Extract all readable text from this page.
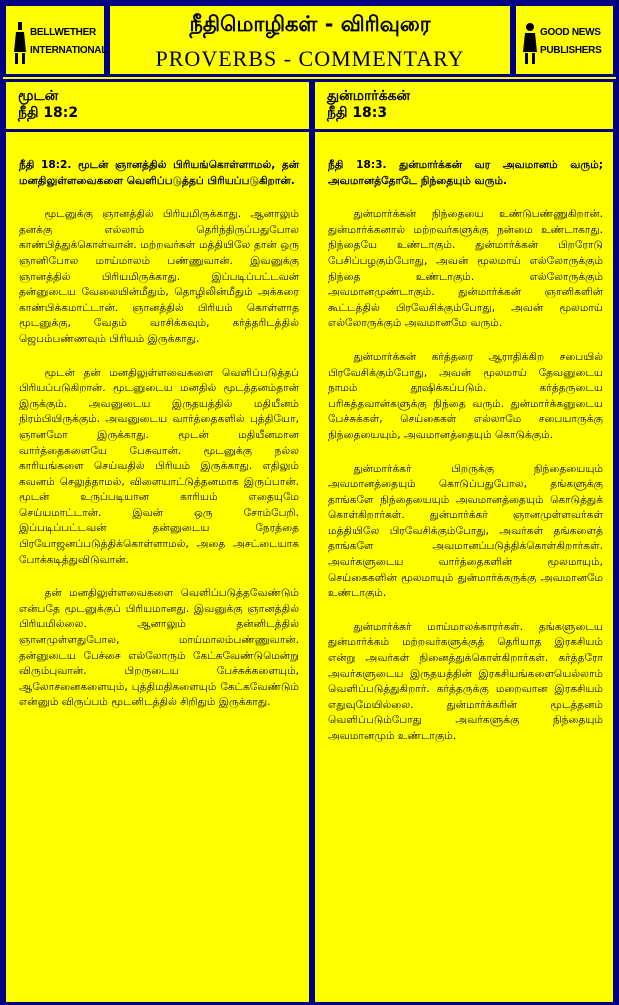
BELLWETHER
INTERNATIONAL
நீதிமொழிகள் - விரிவுரை
PROVERBS - COMMENTARY
GOOD NEWS
PUBLISHERS
மூடன்
நீதி 18:2

நீதி 18:2. மூடன் ஞானத்தில் பிரியங்கொள்ளாமல், தன் மனதிலுள்ளவைகளை வெளிப்படுத்தப் பிரியப்படுகிறான்.

மூடனுக்கு ஞானத்தில் பிரியமிருக்காது. ஆனாலும் தனக்கு எல்லாம் தெரிந்திருப்பதுபோல காண்பித்துக்கொள்வான். மற்றவர்கள் மத்தியிலே தான் ஒரு ஞானிபோல மாய்மாலம் பண்ணுவான். இவனுக்கு ஞானத்தில் பிரியமிருக்காது. இப்படிப்பட்டவன் தன்னுடைய வேலையின்மீதும், தொழிலின்மீதும் அக்கரை காண்பிக்கமாட்டான். ஞானத்தில் பிரியம் கொள்ளாத மூடனுக்கு, வேதம் வாசிக்கவும், கர்த்தரிடத்தில் ஜெபம்பண்ணவும் பிரியம் இருக்காது.

மூடன் தன் மனதிலுள்ளவைகளை வெளிப்படுத்தப் பிரியப்படுகிறான். மூடனுடைய மனதில் மூடத்தனம்தான் இருக்கும். அவனுடைய இருதயத்தில் மதியீனம் நிரம்பியிருக்கும். அவனுடைய வார்த்தைகளில் புத்தியோ, ஞானமோ இருக்காது. மூடன் மதியீனமான வார்த்தைகளையே பேசுவான். மூடனுக்கு நல்ல காரியங்களை செய்வதில் பிரியம் இருக்காது. எதிலும் கவனம் செலுத்தாமல், விளையாட்டுத்தனமாக இருப்பான். மூடன் உருப்படியான காரியம் எதையுமே செய்யமாட்டான். இவன் ஒரு சோம்பேறி. இப்படிப்பட்டவன் தன்னுடைய நேரத்தை பிரயோஜனப்படுத்திக்கொள்ளாமல், அதை அசட்டையாக போக்கடித்துவிடுவான்.

தன் மனதிலுள்ளவைகளை வெளிப்படுத்தவேண்டும் என்பதே மூடனுக்குப் பிரியமானது. இவனுக்கு ஞானத்தில் பிரியமில்லை. ஆனாலும் தன்னிடத்தில் ஞானமுள்ளதுபோல, மாய்மாலம்பண்ணுவான். தன்னுடைய பேச்சை எல்லோரும் கேட்கவேண்டுமென்று விரும்புவான். பிறருடைய பேச்சுக்களையும், ஆலோசனைகளையும், புத்திமதிகளையும் கேட்கவேண்டும் என்னும் விருப்பம் மூடனிடத்தில் சிறிதும் இருக்காது.

துன்மார்க்கன்
நீதி 18:3

நீதி 18:3. துன்மார்க்கன் வர அவமானம் வரும்; அவமானத்தோடே நிந்தையும் வரும்.

துன்மார்க்கன் நிந்தையை உண்டுபண்ணுகிறான். துன்மார்க்கனால் மற்றவர்களுக்கு நன்மை உண்டாகாது. நிந்தையே உண்டாகும். துன்மார்க்கன் பிறரோடு பேசிப்பழகும்போது, அவன் மூலமாய் எல்லோருக்கும் நிந்தை உண்டாகும். எல்லோருக்கும் அவமானமுண்டாகும். துன்மார்க்கன் ஞானிகளின் கூட்டத்தில் பிரவேசிக்கும்போது, அவன் மூலமாய் எல்லோருக்கும் அவமானமே வரும்.

துன்மார்க்கன் கர்த்தரை ஆராதிக்கிற சபையில் பிரவேசிக்கும்போது, அவன் மூலமாய் தேவனுடைய நாமம் தூஷிக்கப்படும். கர்த்தருடைய பரிசுத்தவான்களுக்கு நிந்தை வரும். துன்மார்க்கனுடைய பேச்சுக்கள், செய்கைகள் எல்லாமே சபையாருக்கு நிந்தையையும், அவமானத்தையும் கொடுக்கும்.

துன்மார்க்கர் பிறருக்கு நிந்தையையும் அவமானத்தையும் கொடுப்பதுபோல, தங்களுக்கு தாங்களே நிந்தையையும் அவமானத்தையும் கொடுத்துக் கொள்கிறார்கள். துன்மார்க்கர் ஞானமுள்ளவர்கள் மத்தியிலே பிரவேசிக்கும்போது, அவர்கள் தங்களைத் தாங்களே அவமானப்படுத்திக்கொள்கிறார்கள். அவர்களுடைய வார்த்தைகளின் மூலமாயும், செய்கைகளின் மூலமாயும் துன்மார்க்கருக்கு அவமானமே உண்டாகும்.

துன்மார்க்கர் மாய்மாலக்காரர்கள். தங்களுடைய துன்மார்க்கம் மற்றவர்களுக்குத் தெரியாத இரகசியம் என்று அவர்கள் நினைத்துக்கொள்கிறார்கள். கர்த்தரோ அவர்களுடைய இருதயத்தின் இரகசியங்களையெல்லாம் வெளிப்படுத்துகிறார். கர்த்தருக்கு மறைவான இரகசியம் எதுவுமேயில்லை. துன்மார்க்கரின் மூடத்தனம் வெளிப்படும்போது அவர்களுக்கு நிந்தையும் அவமானமும் உண்டாகும்.
